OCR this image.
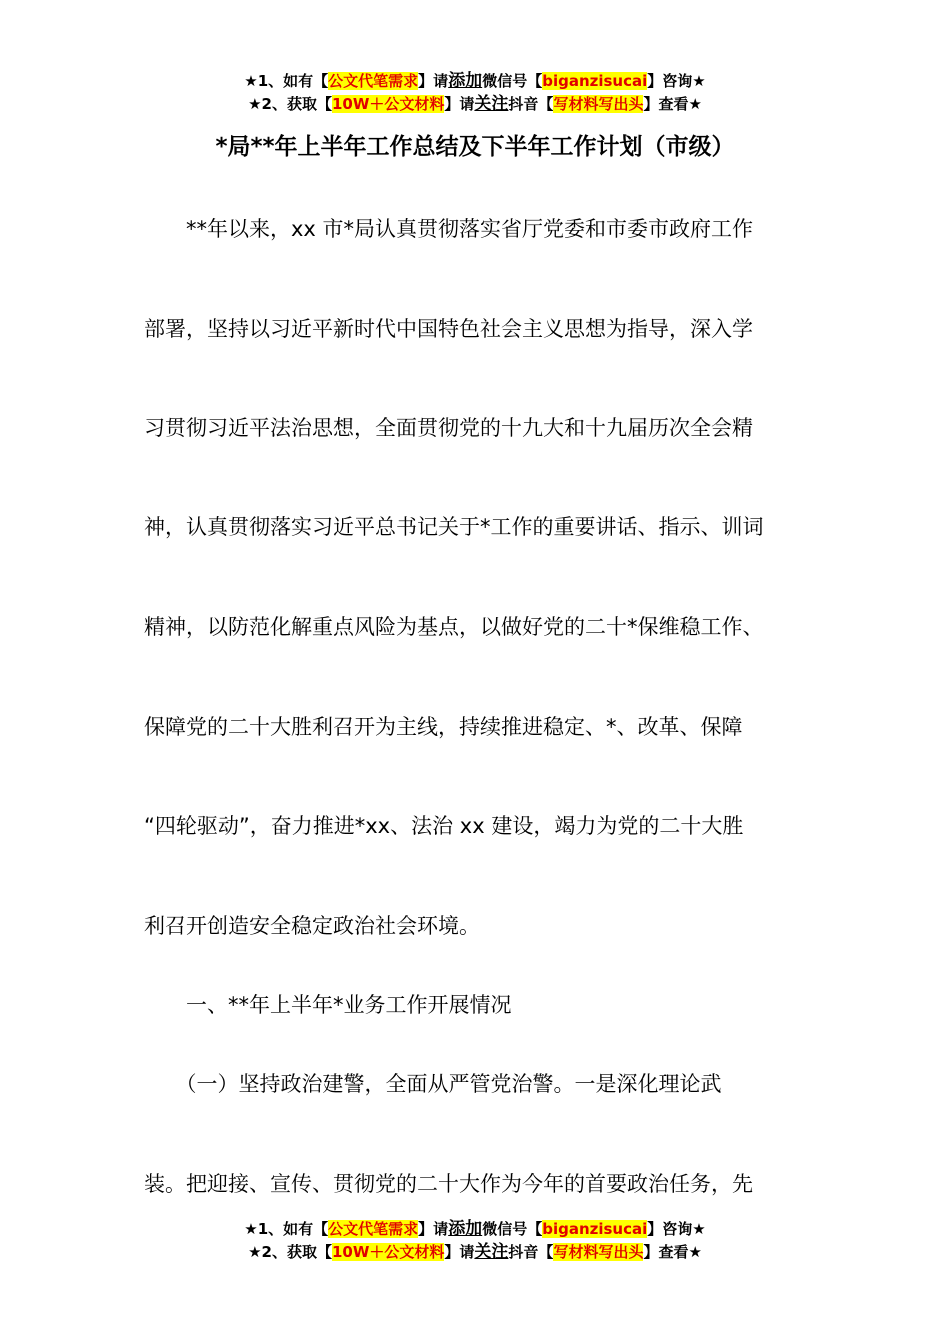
★1、如有【公文代笔需求】请添加微信号【biganzisucai】咨询★
★2、获取【10W＋公文材料】请关注抖音【写材料写出头】查看★
*局**年上半年工作总结及下半年工作计划（市级）
　　**年以来，xx 市*局认真贯彻落实省厅党委和市委市政府工作
部署，坚持以习近平新时代中国特色社会主义思想为指导，深入学
习贯彻习近平法治思想，全面贯彻党的十九大和十九届历次全会精
神，认真贯彻落实习近平总书记关于*工作的重要讲话、指示、训词
精神，以防范化解重点风险为基点，以做好党的二十*保维稳工作、
保障党的二十大胜利召开为主线，持续推进稳定、*、改革、保障
“四轮驱动”，奋力推进*xx、法治 xx 建设，竭力为党的二十大胜
利召开创造安全稳定政治社会环境。
　　一、**年上半年*业务工作开展情况
　　（一）坚持政治建警，全面从严管党治警。一是深化理论武
装。把迎接、宣传、贯彻党的二十大作为今年的首要政治任务，先
★1、如有【公文代笔需求】请添加微信号【biganzisucai】咨询★
★2、获取【10W＋公文材料】请关注抖音【写材料写出头】查看★
